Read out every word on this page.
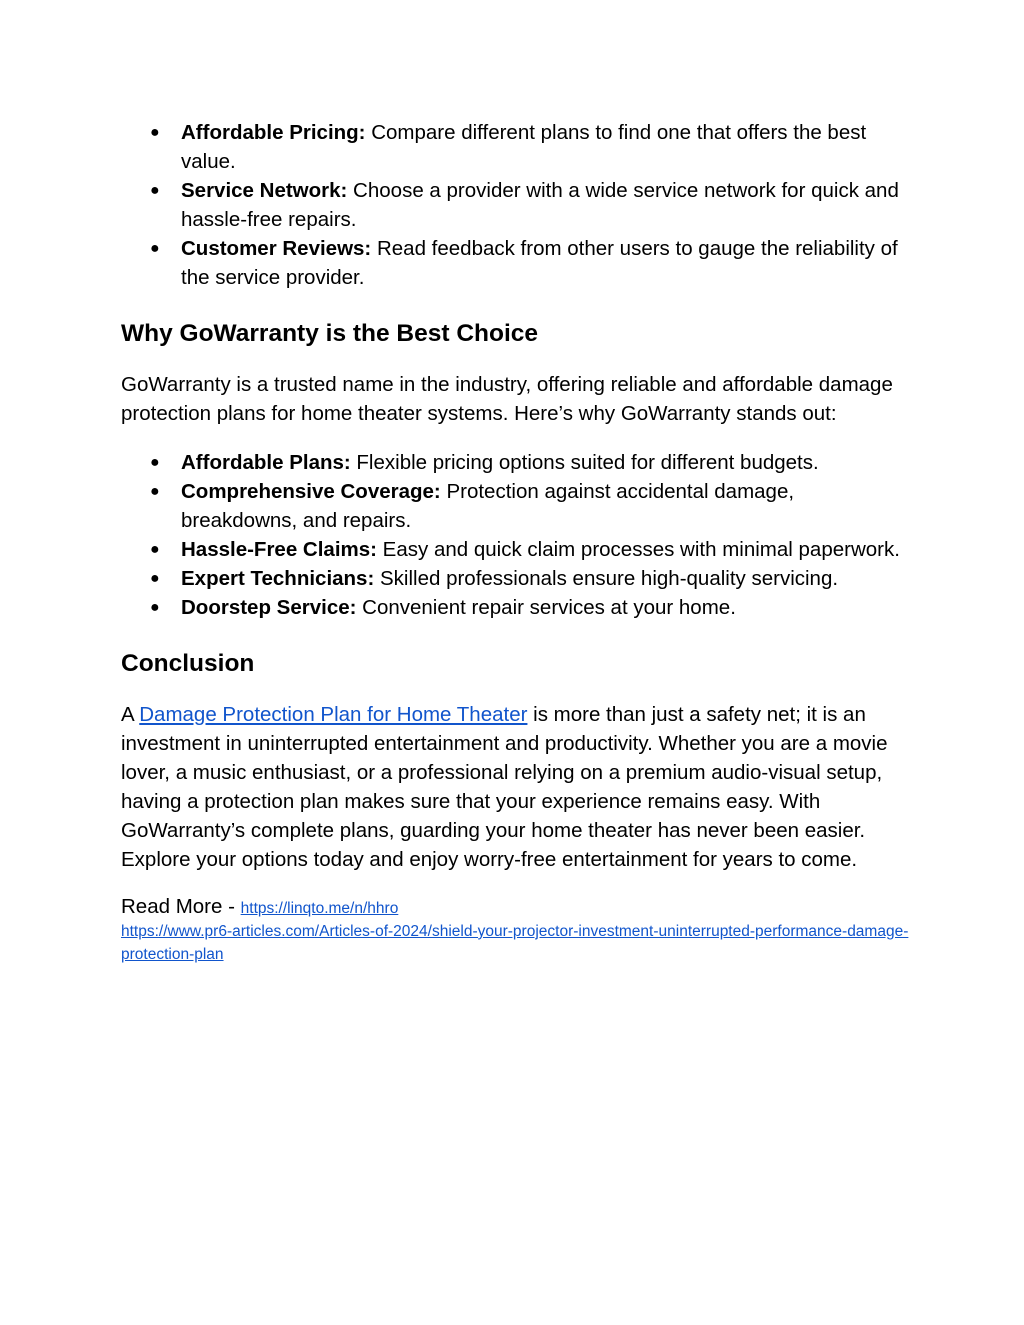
● Affordable Pricing: Compare different plans to find one that offers the best value.
● Service Network: Choose a provider with a wide service network for quick and hassle-free repairs.
● Customer Reviews: Read feedback from other users to gauge the reliability of the service provider.
Why GoWarranty is the Best Choice

GoWarranty is a trusted name in the industry, offering reliable and affordable damage protection plans for home theater systems. Here’s why GoWarranty stands out:

● Affordable Plans: Flexible pricing options suited for different budgets.
● Comprehensive Coverage: Protection against accidental damage, breakdowns, and repairs.
● Hassle-Free Claims: Easy and quick claim processes with minimal paperwork.
● Expert Technicians: Skilled professionals ensure high-quality servicing.
● Doorstep Service: Convenient repair services at your home.
Conclusion

A Damage Protection Plan for Home Theater is more than just a safety net; it is an investment in uninterrupted entertainment and productivity. Whether you are a movie lover, a music enthusiast, or a professional relying on a premium audio-visual setup, having a protection plan makes sure that your experience remains easy. With GoWarranty’s complete plans, guarding your home theater has never been easier. Explore your options today and enjoy worry-free entertainment for years to come.

Read More - https://linqto.me/n/hhro
https://www.pr6-articles.com/Articles-of-2024/shield-your-projector-investment-uninterrupted-performance-damage-protection-plan
